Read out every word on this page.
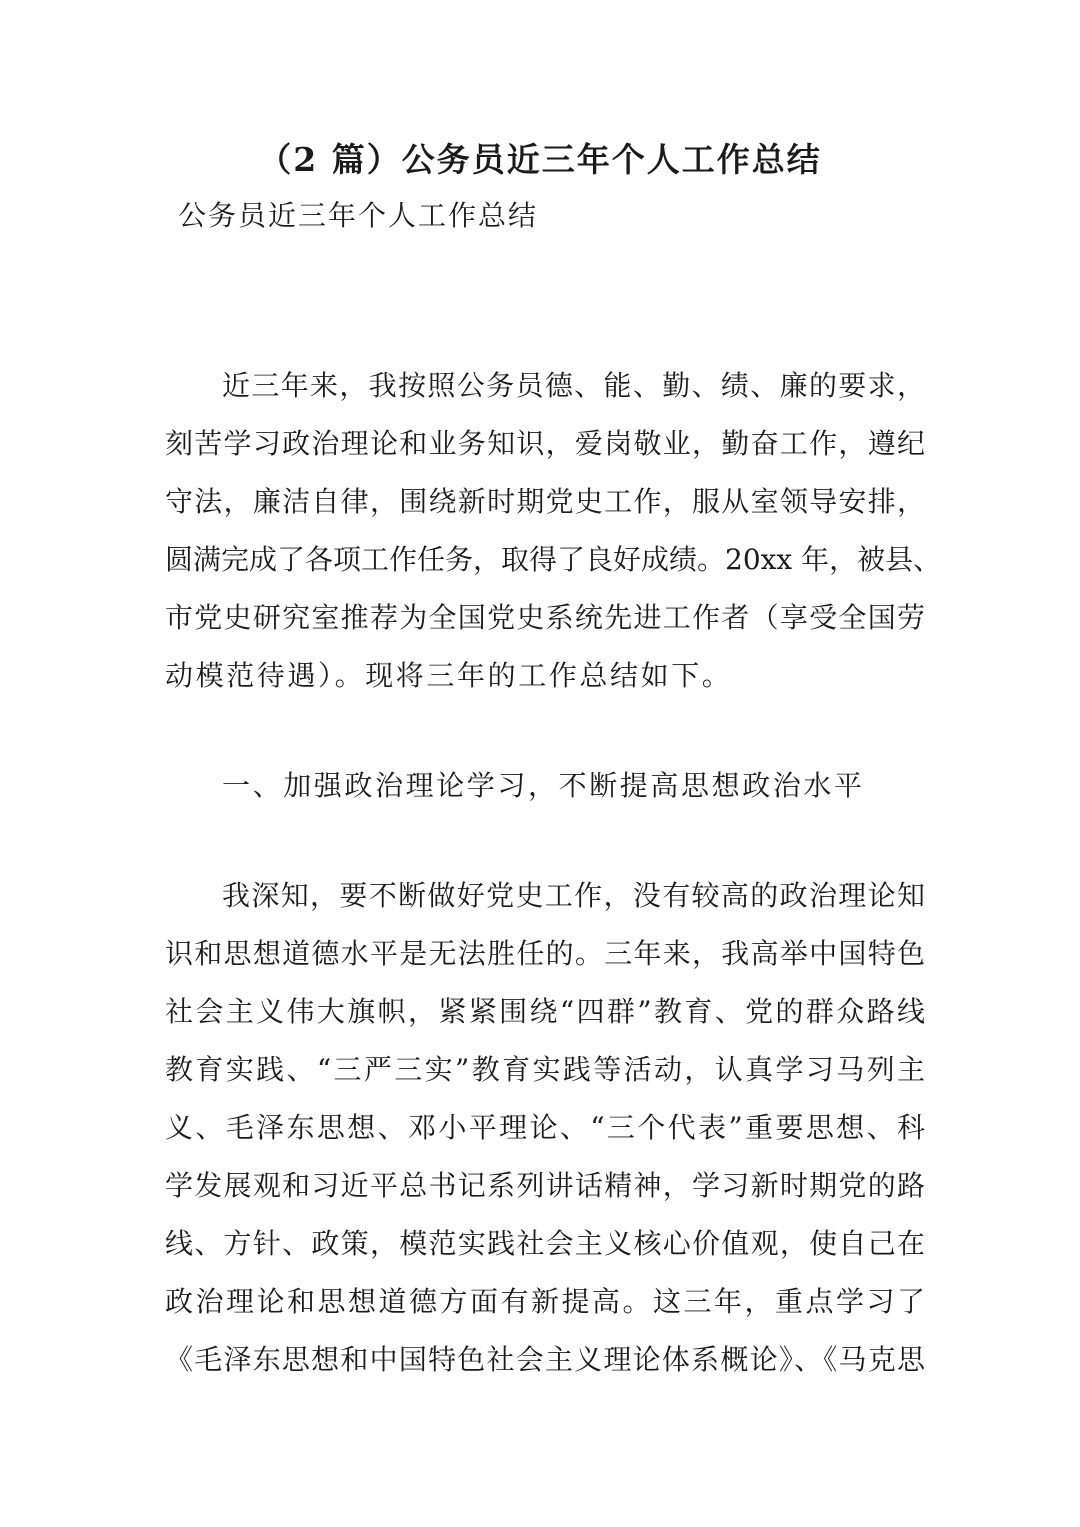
（2 篇）公务员近三年个人工作总结

公务员近三年个人工作总结

近三年来，我按照公务员德、能、勤、绩、廉的要求，

刻苦学习政治理论和业务知识，爱岗敬业，勤奋工作，遵纪

守法，廉洁自律，围绕新时期党史工作，服从室领导安排，

圆满完成了各项工作任务，取得了良好成绩。20xx 年，被县、

市党史研究室推荐为全国党史系统先进工作者（享受全国劳

动模范待遇）。现将三年的工作总结如下。

一、加强政治理论学习，不断提高思想政治水平

我深知，要不断做好党史工作，没有较高的政治理论知

识和思想道德水平是无法胜任的。三年来，我高举中国特色

社会主义伟大旗帜，紧紧围绕“四群”教育、党的群众路线

教育实践、“三严三实”教育实践等活动，认真学习马列主

义、毛泽东思想、邓小平理论、“三个代表”重要思想、科

学发展观和习近平总书记系列讲话精神，学习新时期党的路

线、方针、政策，模范实践社会主义核心价值观，使自己在

政治理论和思想道德方面有新提高。这三年，重点学习了

《毛泽东思想和中国特色社会主义理论体系概论》、《马克思
